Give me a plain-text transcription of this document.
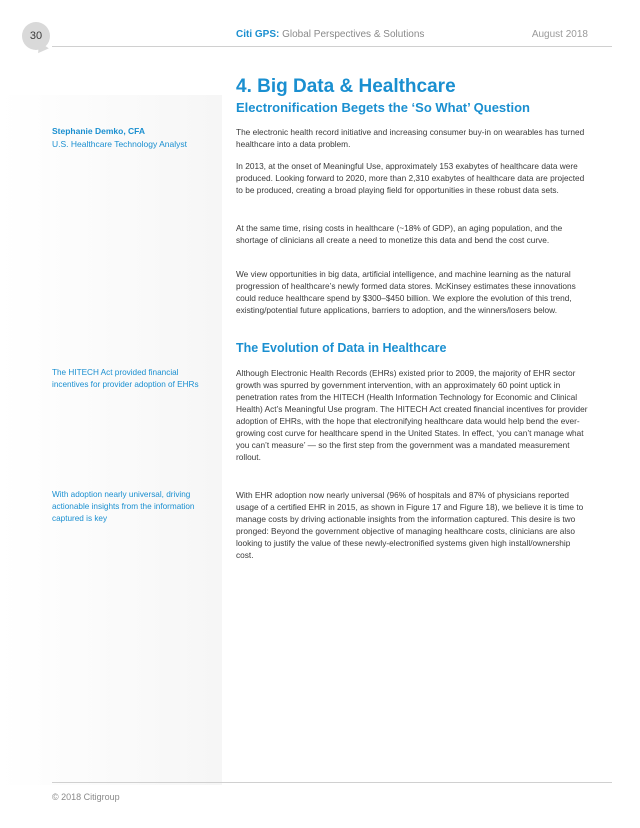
30	Citi GPS: Global Perspectives & Solutions	August 2018
4. Big Data & Healthcare
Electronification Begets the ‘So What’ Question
Stephanie Demko, CFA
U.S. Healthcare Technology Analyst

The electronic health record initiative and increasing consumer buy-in on wearables has turned healthcare into a data problem.

In 2013, at the onset of Meaningful Use, approximately 153 exabytes of healthcare data were produced. Looking forward to 2020, more than 2,310 exabytes of healthcare data are projected to be produced, creating a broad playing field for opportunities in these robust data sets.

At the same time, rising costs in healthcare (~18% of GDP), an aging population, and the shortage of clinicians all create a need to monetize this data and bend the cost curve.

We view opportunities in big data, artificial intelligence, and machine learning as the natural progression of healthcare’s newly formed data stores. McKinsey estimates these innovations could reduce healthcare spend by $300–$450 billion. We explore the evolution of this trend, existing/potential future applications, barriers to adoption, and the winners/losers below.

The Evolution of Data in Healthcare
The HITECH Act provided financial incentives for provider adoption of EHRs

Although Electronic Health Records (EHRs) existed prior to 2009, the majority of EHR sector growth was spurred by government intervention, with an approximately 60 point uptick in penetration rates from the HITECH (Health Information Technology for Economic and Clinical Health) Act’s Meaningful Use program. The HITECH Act created financial incentives for provider adoption of EHRs, with the hope that electronifying healthcare data would help bend the ever-growing cost curve for healthcare spend in the United States. In effect, ‘you can’t manage what you can’t measure’ — so the first step from the government was a mandated measurement rollout.

With adoption nearly universal, driving actionable insights from the information captured is key

With EHR adoption now nearly universal (96% of hospitals and 87% of physicians reported usage of a certified EHR in 2015, as shown in Figure 17 and Figure 18), we believe it is time to manage costs by driving actionable insights from the information captured. This desire is two pronged: Beyond the government objective of managing healthcare costs, clinicians are also looking to justify the value of these newly-electronified systems given high install/ownership cost.

© 2018 Citigroup
